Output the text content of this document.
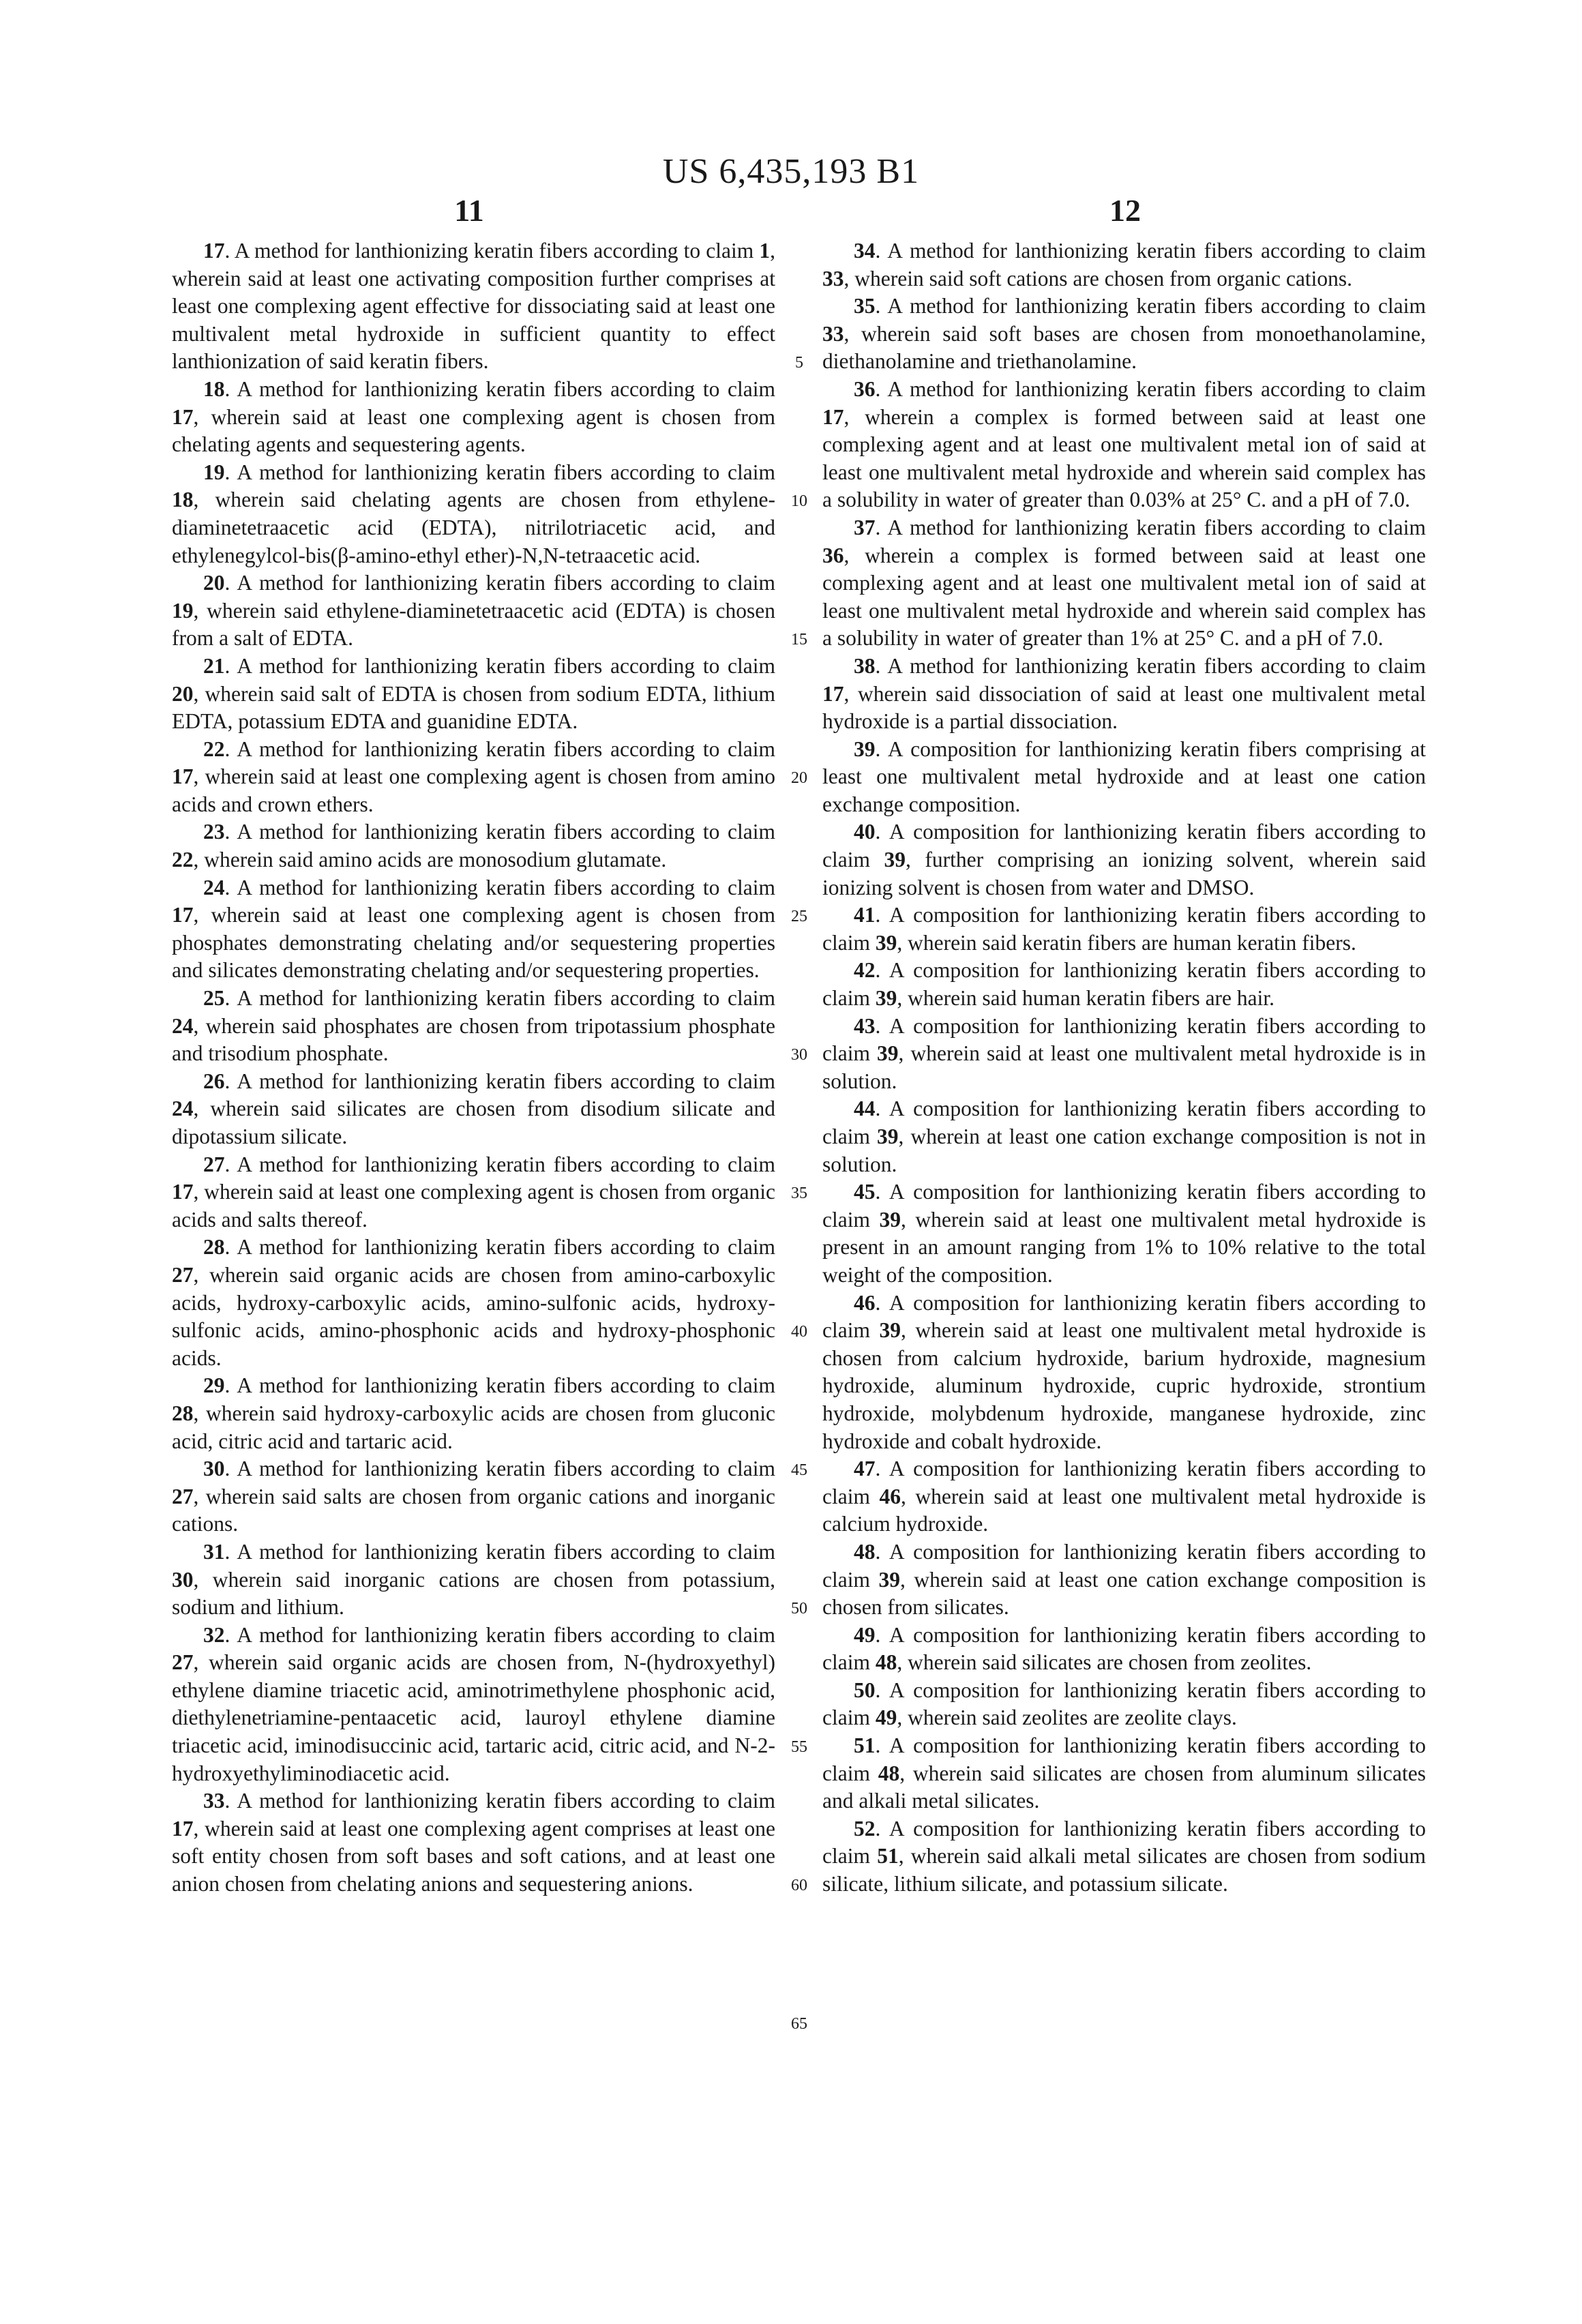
US 6,435,193 B1
11	12

17. A method for lanthionizing keratin fibers according to claim 1, wherein said at least one activating composition further comprises at least one complexing agent effective for dissociating said at least one multivalent metal hydroxide in sufficient quantity to effect lanthionization of said keratin fibers.

18. A method for lanthionizing keratin fibers according to claim 17, wherein said at least one complexing agent is chosen from chelating agents and sequestering agents.

19. A method for lanthionizing keratin fibers according to claim 18, wherein said chelating agents are chosen from ethylene-diaminetetraacetic acid (EDTA), nitrilotriacetic acid, and ethylenegylcol-bis(β-amino-ethyl ether)-N,N-tetraacetic acid.

20. A method for lanthionizing keratin fibers according to claim 19, wherein said ethylene-diaminetetraacetic acid (EDTA) is chosen from a salt of EDTA.

21. A method for lanthionizing keratin fibers according to claim 20, wherein said salt of EDTA is chosen from sodium EDTA, lithium EDTA, potassium EDTA and guanidine EDTA.

22. A method for lanthionizing keratin fibers according to claim 17, wherein said at least one complexing agent is chosen from amino acids and crown ethers.

23. A method for lanthionizing keratin fibers according to claim 22, wherein said amino acids are monosodium glutamate.

24. A method for lanthionizing keratin fibers according to claim 17, wherein said at least one complexing agent is chosen from phosphates demonstrating chelating and/or sequestering properties and silicates demonstrating chelating and/or sequestering properties.

25. A method for lanthionizing keratin fibers according to claim 24, wherein said phosphates are chosen from tripotassium phosphate and trisodium phosphate.

26. A method for lanthionizing keratin fibers according to claim 24, wherein said silicates are chosen from disodium silicate and dipotassium silicate.

27. A method for lanthionizing keratin fibers according to claim 17, wherein said at least one complexing agent is chosen from organic acids and salts thereof.

28. A method for lanthionizing keratin fibers according to claim 27, wherein said organic acids are chosen from amino-carboxylic acids, hydroxy-carboxylic acids, amino-sulfonic acids, hydroxy-sulfonic acids, amino-phosphonic acids and hydroxy-phosphonic acids.

29. A method for lanthionizing keratin fibers according to claim 28, wherein said hydroxy-carboxylic acids are chosen from gluconic acid, citric acid and tartaric acid.

30. A method for lanthionizing keratin fibers according to claim 27, wherein said salts are chosen from organic cations and inorganic cations.

31. A method for lanthionizing keratin fibers according to claim 30, wherein said inorganic cations are chosen from potassium, sodium and lithium.

32. A method for lanthionizing keratin fibers according to claim 27, wherein said organic acids are chosen from, N-(hydroxyethyl) ethylene diamine triacetic acid, aminotrimethylene phosphonic acid, diethylenetriamine-pentaacetic acid, lauroyl ethylene diamine triacetic acid, iminodisuccinic acid, tartaric acid, citric acid, and N-2-hydroxyethyliminodiacetic acid.

33. A method for lanthionizing keratin fibers according to claim 17, wherein said at least one complexing agent comprises at least one soft entity chosen from soft bases and soft cations, and at least one anion chosen from chelating anions and sequestering anions.

34. A method for lanthionizing keratin fibers according to claim 33, wherein said soft cations are chosen from organic cations.

35. A method for lanthionizing keratin fibers according to claim 33, wherein said soft bases are chosen from monoethanolamine, diethanolamine and triethanolamine.

36. A method for lanthionizing keratin fibers according to claim 17, wherein a complex is formed between said at least one complexing agent and at least one multivalent metal ion of said at least one multivalent metal hydroxide and wherein said complex has a solubility in water of greater than 0.03% at 25° C. and a pH of 7.0.

37. A method for lanthionizing keratin fibers according to claim 36, wherein a complex is formed between said at least one complexing agent and at least one multivalent metal ion of said at least one multivalent metal hydroxide and wherein said complex has a solubility in water of greater than 1% at 25° C. and a pH of 7.0.

38. A method for lanthionizing keratin fibers according to claim 17, wherein said dissociation of said at least one multivalent metal hydroxide is a partial dissociation.

39. A composition for lanthionizing keratin fibers comprising at least one multivalent metal hydroxide and at least one cation exchange composition.

40. A composition for lanthionizing keratin fibers according to claim 39, further comprising an ionizing solvent, wherein said ionizing solvent is chosen from water and DMSO.

41. A composition for lanthionizing keratin fibers according to claim 39, wherein said keratin fibers are human keratin fibers.

42. A composition for lanthionizing keratin fibers according to claim 39, wherein said human keratin fibers are hair.

43. A composition for lanthionizing keratin fibers according to claim 39, wherein said at least one multivalent metal hydroxide is in solution.

44. A composition for lanthionizing keratin fibers according to claim 39, wherein at least one cation exchange composition is not in solution.

45. A composition for lanthionizing keratin fibers according to claim 39, wherein said at least one multivalent metal hydroxide is present in an amount ranging from 1% to 10% relative to the total weight of the composition.

46. A composition for lanthionizing keratin fibers according to claim 39, wherein said at least one multivalent metal hydroxide is chosen from calcium hydroxide, barium hydroxide, magnesium hydroxide, aluminum hydroxide, cupric hydroxide, strontium hydroxide, molybdenum hydroxide, manganese hydroxide, zinc hydroxide and cobalt hydroxide.

47. A composition for lanthionizing keratin fibers according to claim 46, wherein said at least one multivalent metal hydroxide is calcium hydroxide.

48. A composition for lanthionizing keratin fibers according to claim 39, wherein said at least one cation exchange composition is chosen from silicates.

49. A composition for lanthionizing keratin fibers according to claim 48, wherein said silicates are chosen from zeolites.

50. A composition for lanthionizing keratin fibers according to claim 49, wherein said zeolites are zeolite clays.

51. A composition for lanthionizing keratin fibers according to claim 48, wherein said silicates are chosen from aluminum silicates and alkali metal silicates.

52. A composition for lanthionizing keratin fibers according to claim 51, wherein said alkali metal silicates are chosen from sodium silicate, lithium silicate, and potassium silicate.

5
10
15
20
25
30
35
40
45
50
55
60
65
